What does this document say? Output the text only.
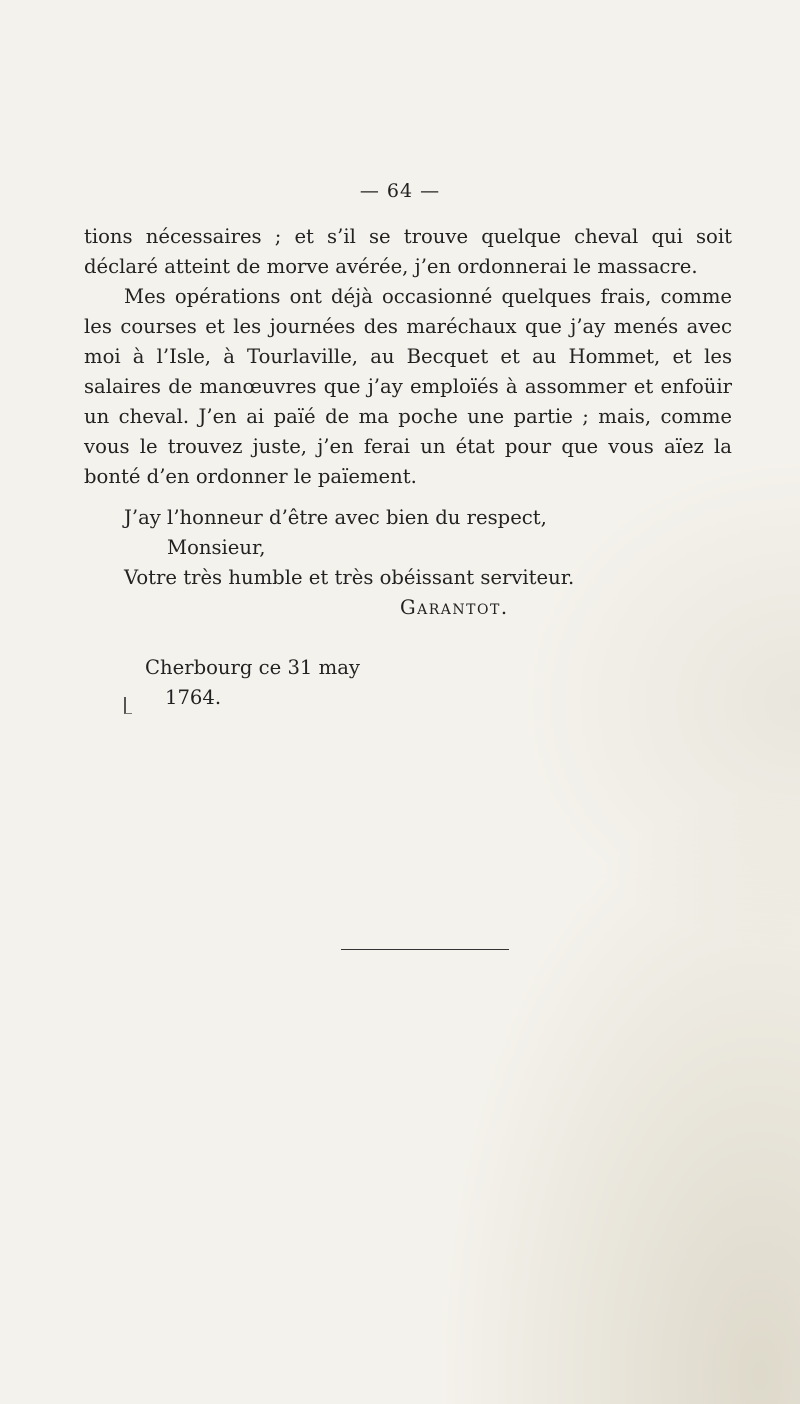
— 64 —

tions nécessaires ; et s’il se trouve quelque cheval qui soit déclaré atteint de morve avérée, j’en ordonnerai le massacre.

Mes opérations ont déjà occasionné quelques frais, comme les courses et les journées des maréchaux que j’ay menés avec moi à l’Isle, à Tourlaville, au Becquet et au Hommet, et les salaires de manœuvres que j’ay emploïés à assommer et enfoüir un cheval. J’en ai païé de ma poche une partie ; mais, comme vous le trouvez juste, j’en ferai un état pour que vous aïez la bonté d’en ordonner le païement.

J’ay l’honneur d’être avec bien du respect,
Monsieur,
Votre très humble et très obéissant serviteur.
Garantot.
Cherbourg ce 31 may
1764.
